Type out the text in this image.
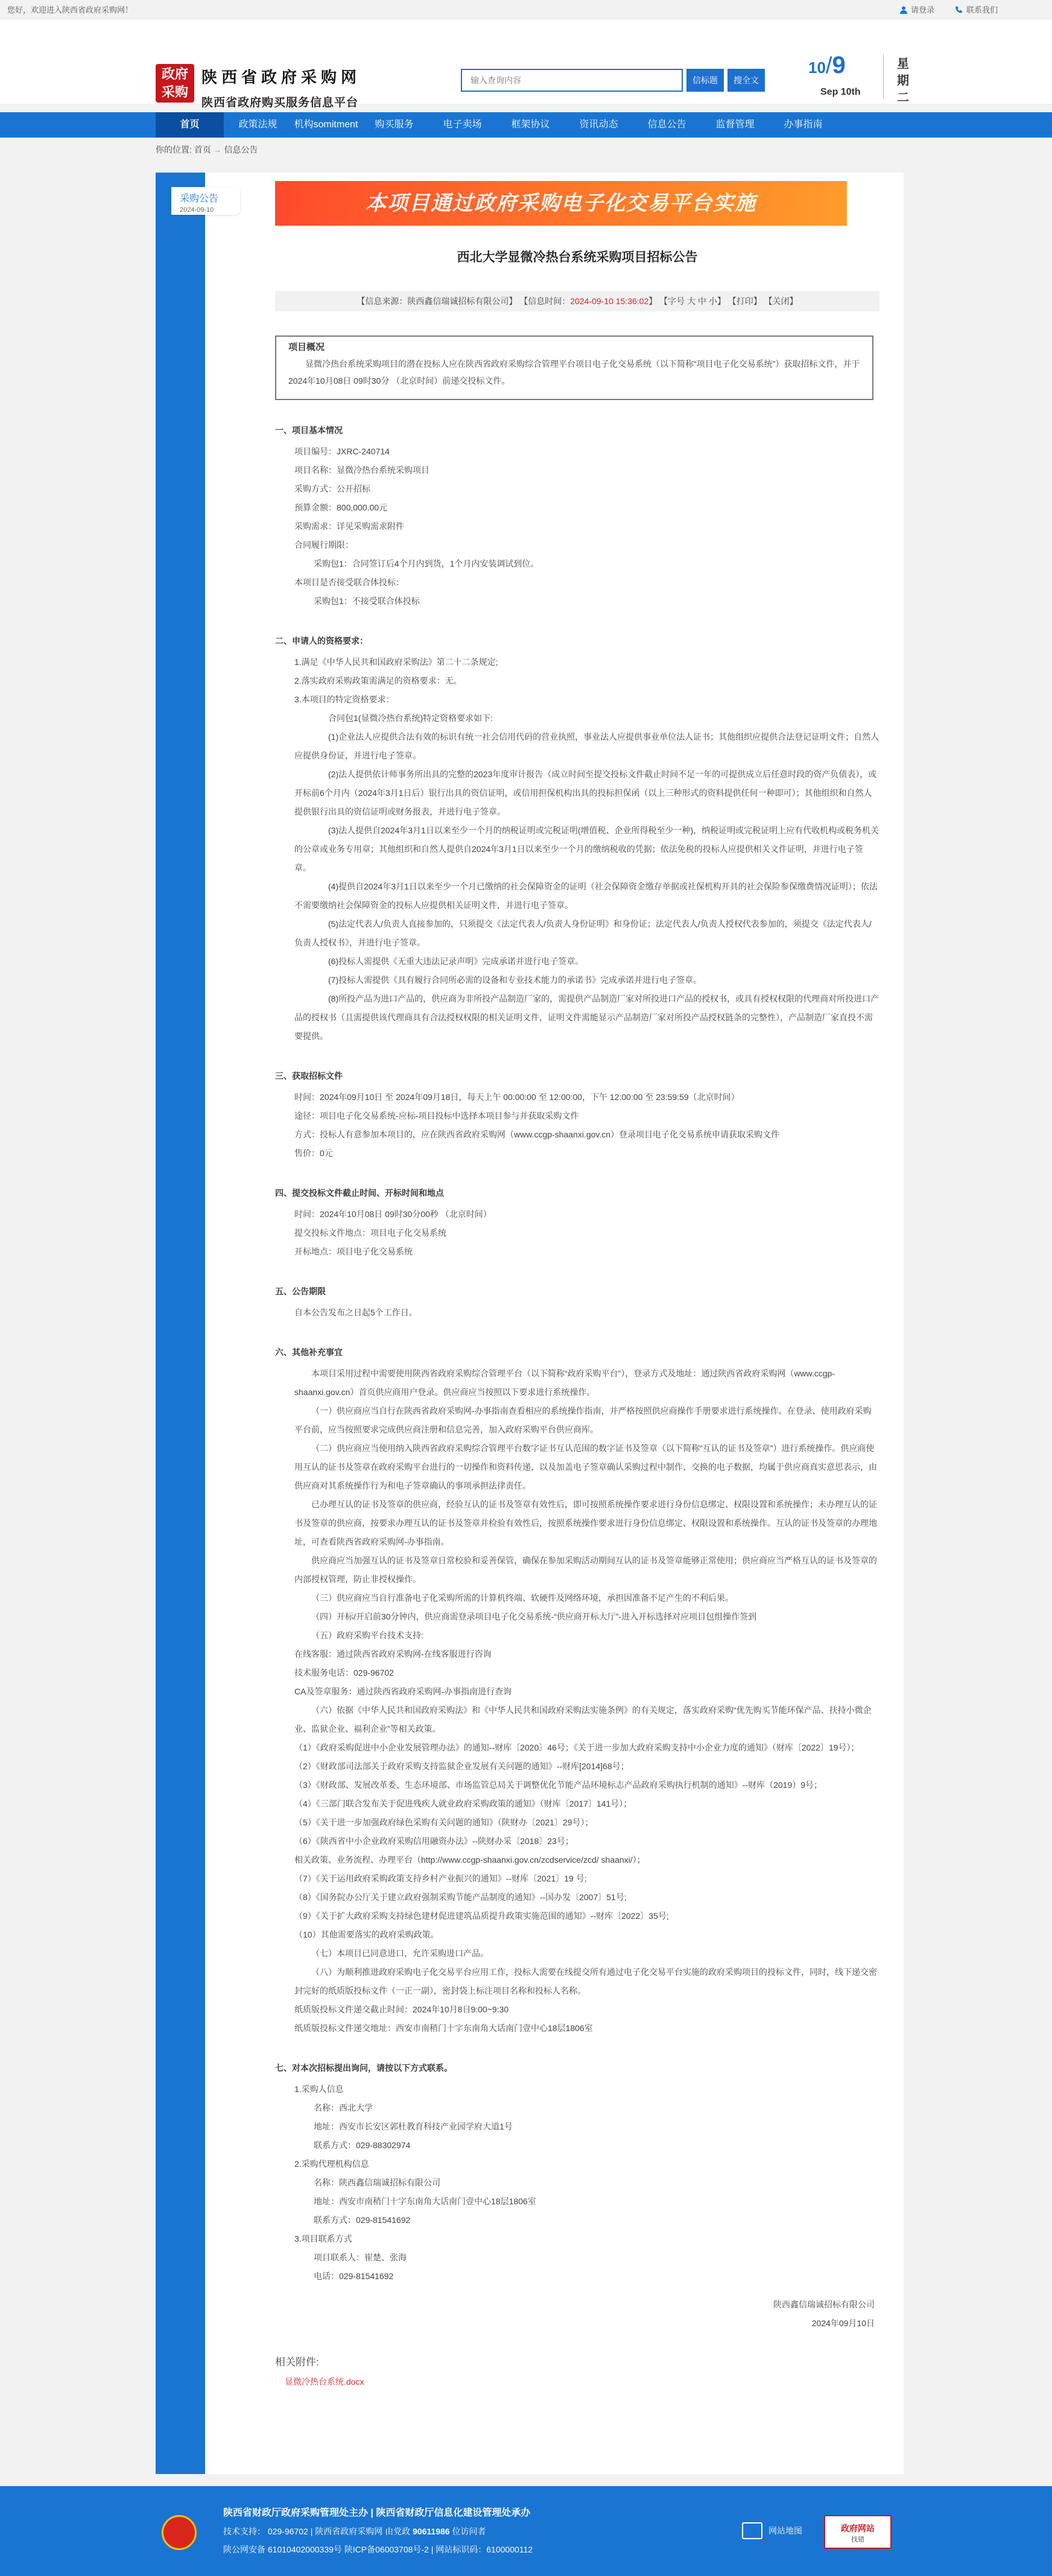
您好，欢迎进入陕西省政府采购网！	请登录	联系我们
政府
采购
陕西省政府采购网
陕西省政府购买服务信息平台
输入查询内容
信标题	搜全文
10/9
Sep 10th
星期二
首页	政策法规	机构somitment	购买服务	电子卖场	框架协议	资讯动态	信息公告	监督管理	办事指南
你的位置: 首页 → 信息公告
采购公告
2024-09-10	本项目通过政府采购电子化交易平台实施
西北大学显微冷热台系统采购项目招标公告
【信息来源：陕西鑫信瑞诚招标有限公司】 【信息时间：2024-09-10 15:36:02】 【字号 大 中 小】 【打印】 【关闭】
项目概况

显微冷热台系统采购项目的潜在投标人应在陕西省政府采购综合管理平台项目电子化交易系统（以下简称“项目电子化交易系统”）获取招标文件，并于 2024年10月08日 09时30分 （北京时间）前递交投标文件。

一、项目基本情况
项目编号：JXRC-240714
项目名称：显微冷热台系统采购项目
采购方式：公开招标
预算金额：800,000.00元
采购需求：详见采购需求附件
合同履行期限：
采购包1：合同签订后4个月内到货，1个月内安装调试到位。
本项目是否接受联合体投标：
采购包1：不接受联合体投标
二、申请人的资格要求：
1.满足《中华人民共和国政府采购法》第二十二条规定;
2.落实政府采购政策需满足的资格要求：无。
3.本项目的特定资格要求：
合同包1(显微冷热台系统)特定资格要求如下:
(1)企业法人应提供合法有效的标识有统一社会信用代码的营业执照，事业法人应提供事业单位法人证书；其他组织应提供合法登记证明文件；自然人应提供身份证，并进行电子签章。
(2)法人提供依计师事务所出具的完整的2023年度审计报告（成立时间至提交投标文件截止时间不足一年的可提供成立后任意时段的资产负债表），或开标前6个月内（2024年3月1日后）银行出具的资信证明，或信用担保机构出具的投标担保函（以上三种形式的资料提供任何一种即可）；其他组织和自然人提供银行出具的资信证明或财务报表，并进行电子签章。
(3)法人提供自2024年3月1日以来至少一个月的纳税证明或完税证明(增值税、企业所得税至少一种)，纳税证明或完税证明上应有代收机构或税务机关的公章或业务专用章；其他组织和自然人提供自2024年3月1日以来至少一个月的缴纳税收的凭据；依法免税的投标人应提供相关文件证明，并进行电子签章。
(4)提供自2024年3月1日以来至少一个月已缴纳的社会保障资金的证明（社会保障资金缴存单据或社保机构开具的社会保险参保缴费情况证明）；依法不需要缴纳社会保障资金的投标人应提供相关证明文件，并进行电子签章。
(5)法定代表人/负责人直接参加的，只须提交《法定代表人/负责人身份证明》和身份证；法定代表人/负责人授权代表参加的，须提交《法定代表人/负责人授权书》，并进行电子签章。
(6)投标人需提供《无重大违法记录声明》完成承诺并进行电子签章。
(7)投标人需提供《具有履行合同所必需的设备和专业技术能力的承诺书》完成承诺并进行电子签章。
(8)所投产品为进口产品的，供应商为非所投产品制造厂家的，需提供产品制造厂家对所投进口产品的授权书，或具有授权权限的代理商对所投进口产品的授权书（且需提供该代理商具有合法授权权限的相关证明文件，证明文件需能显示产品制造厂家对所投产品授权链条的完整性），产品制造厂家直投不需要提供。
三、获取招标文件
时间：2024年09月10日 至 2024年09月18日，每天上午 00:00:00 至 12:00:00，下午 12:00:00 至 23:59:59（北京时间）
途径：项目电子化交易系统-应标-项目投标中选择本项目参与并获取采购文件
方式：投标人有意参加本项目的，应在陕西省政府采购网（www.ccgp-shaanxi.gov.cn）登录项目电子化交易系统申请获取采购文件
售价：0元
四、提交投标文件截止时间、开标时间和地点
时间：2024年10月08日 09时30分00秒 （北京时间）
提交投标文件地点：项目电子化交易系统
开标地点：项目电子化交易系统
五、公告期限
自本公告发布之日起5个工作日。
六、其他补充事宜
本项目采用过程中需要使用陕西省政府采购综合管理平台（以下简称“政府采购平台”），登录方式及地址：通过陕西省政府采购网（www.ccgp-shaanxi.gov.cn）首页供应商用户登录。供应商应当按照以下要求进行系统操作。
（一）供应商应当自行在陕西省政府采购网-办事指南查看相应的系统操作指南，并严格按照供应商操作手册要求进行系统操作。在登录、使用政府采购平台前，应当按照要求完成供应商注册和信息完善，加入政府采购平台供应商库。
（二）供应商应当使用纳入陕西省政府采购综合管理平台数字证书互认范围的数字证书及签章（以下简称“互认的证书及签章”）进行系统操作。供应商使用互认的证书及签章在政府采购平台进行的一切操作和资料传递，以及加盖电子签章确认采购过程中制作、交换的电子数据，均属于供应商真实意思表示，由供应商对其系统操作行为和电子签章确认的事项承担法律责任。
已办理互认的证书及签章的供应商，经验互认的证书及签章有效性后，即可按照系统操作要求进行身份信息绑定、权限设置和系统操作；未办理互认的证书及签章的供应商，按要求办理互认的证书及签章并检验有效性后，按照系统操作要求进行身份信息绑定、权限设置和系统操作。互认的证书及签章的办理地址，可查看陕西省政府采购网-办事指南。
供应商应当加强互认的证书及签章日常校验和妥善保管，确保在参加采购活动期间互认的证书及签章能够正常使用；供应商应当严格互认的证书及签章的内部授权管理，防止非授权操作。
（三）供应商应当自行准备电子化采购所需的计算机终端、软硬件及网络环境，承担因准备不足产生的不利后果。
（四）开标/开启前30分钟内，供应商需登录项目电子化交易系统-“供应商开标大厅”-进入开标选择对应项目包组操作签到
（五）政府采购平台技术支持:
在线客服：通过陕西省政府采购网-在线客服进行咨询
技术服务电话：029-96702
CA及签章服务：通过陕西省政府采购网-办事指南进行查询
（六）依据《中华人民共和国政府采购法》和《中华人民共和国政府采购法实施条例》的有关规定，落实政府采购“优先购买节能环保产品、扶持小微企业、监狱企业、福利企业”等相关政策。
（1）《政府采购促进中小企业发展管理办法》的通知--财库〔2020〕46号；《关于进一步加大政府采购支持中小企业力度的通知》（财库〔2022〕19号）；
（2）《财政部司法部关于政府采购支持监狱企业发展有关问题的通知》--财库[2014]68号；
（3）《财政部、发展改革委、生态环境部、市场监管总局关于调整优化节能产品环境标志产品政府采购执行机制的通知》--财库（2019）9号；
（4）《三部门联合发布关于促进残疾人就业政府采购政策的通知》（财库〔2017〕141号）；
（5）《关于进一步加强政府绿色采购有关问题的通知》（陕财办〔2021〕29号）；
（6）《陕西省中小企业政府采购信用融资办法》--陕财办采〔2018〕23号；
相关政策、业务流程、办理平台（http://www.ccgp-shaanxi.gov.cn/zcdservice/zcd/ shaanxi/）；
（7）《关于运用政府采购政策支持乡村产业振兴的通知》--财库〔2021〕19 号;
（8）《国务院办公厅关于建立政府强制采购节能产品制度的通知》--国办发〔2007〕51号;
（9）《关于扩大政府采购支持绿色建材促进建筑品质提升政策实施范围的通知》--财库〔2022〕35号;
（10）其他需要落实的政府采购政策。
（七）本项目已同意进口，允许采购进口产品。
（八）为顺利推进政府采购电子化交易平台应用工作，投标人需要在线提交所有通过电子化交易平台实施的政府采购项目的投标文件，同时，线下递交密封完好的纸质版投标文件（一正一副），密封袋上标注项目名称和投标人名称。
纸质版投标文件递交截止时间：2024年10月8日9:00~9:30
纸质版投标文件递交地址：西安市南稍门十字东南角大话南门壹中心18层1806室
七、对本次招标提出询问，请按以下方式联系。
1.采购人信息
名称：西北大学
地址：西安市长安区郭杜教育科技产业园学府大道1号
联系方式：029-88302974
2.采购代理机构信息
名称：陕西鑫信瑞诚招标有限公司
地址：西安市南稍门十字东南角大话南门壹中心18层1806室
联系方式：029-81541692
3.项目联系方式
项目联系人：崔楚、张海
电话：029-81541692
陕西鑫信瑞诚招标有限公司
2024年09月10日
相关附件:
显微冷热台系统.docx
陕西省财政厅政府采购管理处主办 | 陕西省财政厅信息化建设管理处承办
技术支持： 029-96702 | 陕西省政府采购网 由党政 90611986 位访问者
陕公网安备 61010402000339号 陕ICP备06003708号-2 | 网站标识码：6100000112
网站地图	政府网站
找错
